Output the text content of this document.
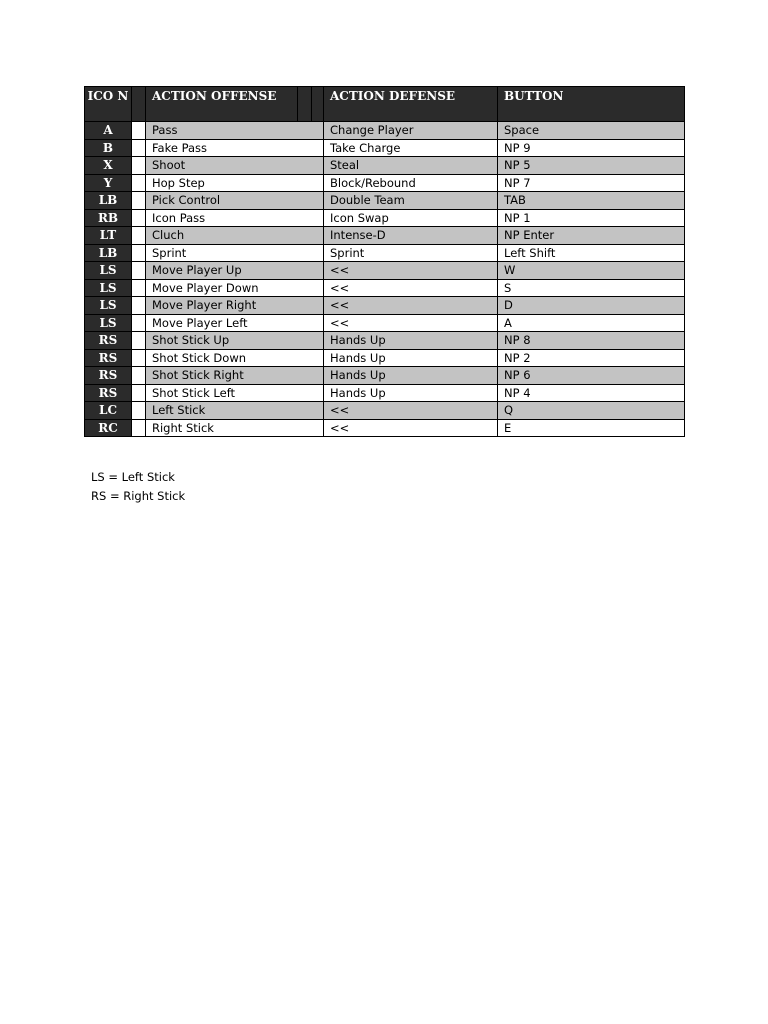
ICO N		ACTION OFFENSE			ACTION DEFENSE	BUTTON
A		Pass			Change Player	Space
B		Fake Pass			Take Charge	NP 9
X		Shoot			Steal	NP 5
Y		Hop Step			Block/Rebound	NP 7
LB		Pick Control			Double Team	TAB
RB		Icon Pass			Icon Swap	NP 1
LT		Cluch			Intense-D	NP Enter
LB		Sprint			Sprint	Left Shift
LS		Move Player Up			<<	W
LS		Move Player Down			<<	S
LS		Move Player Right			<<	D
LS		Move Player Left			<<	A
RS		Shot Stick Up			Hands Up	NP 8
RS		Shot Stick Down			Hands Up	NP 2
RS		Shot Stick Right			Hands Up	NP 6
RS		Shot Stick Left			Hands Up	NP 4
LC		Left Stick			<<	Q
RC		Right Stick			<<	E
LS = Left Stick
RS = Right Stick
